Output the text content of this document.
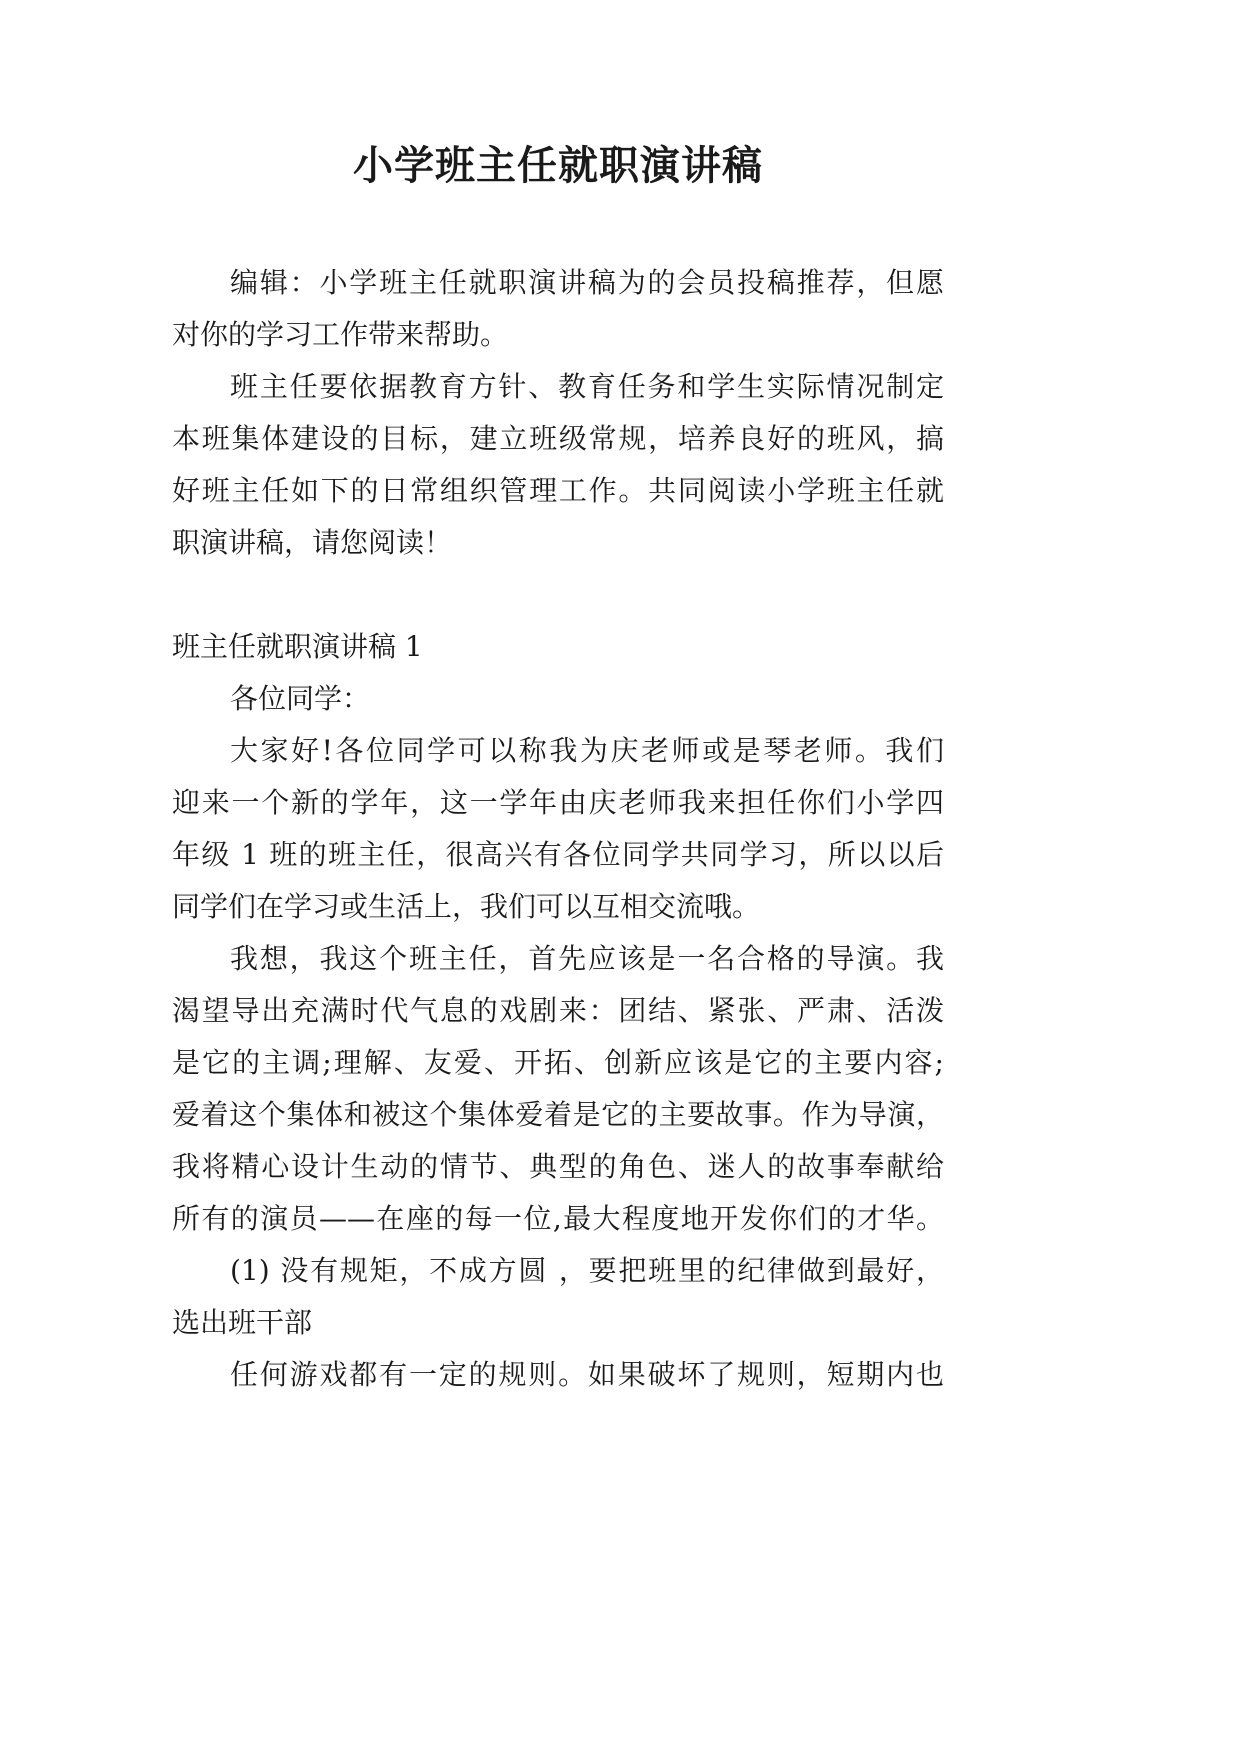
小学班主任就职演讲稿
编辑：小学班主任就职演讲稿为的会员投稿推荐，但愿
对你的学习工作带来帮助。
班主任要依据教育方针、教育任务和学生实际情况制定
本班集体建设的目标，建立班级常规，培养良好的班风，搞
好班主任如下的日常组织管理工作。共同阅读小学班主任就
职演讲稿，请您阅读！
班主任就职演讲稿 1
各位同学：
大家好!各位同学可以称我为庆老师或是琴老师。我们
迎来一个新的学年，这一学年由庆老师我来担任你们小学四
年级 1 班的班主任，很高兴有各位同学共同学习，所以以后
同学们在学习或生活上，我们可以互相交流哦。
我想，我这个班主任，首先应该是一名合格的导演。我
渴望导出充满时代气息的戏剧来：团结、紧张、严肃、活泼
是它的主调;理解、友爱、开拓、创新应该是它的主要内容;
爱着这个集体和被这个集体爱着是它的主要故事。作为导演，
我将精心设计生动的情节、典型的角色、迷人的故事奉献给
所有的演员——在座的每一位,最大程度地开发你们的才华。
(1) 没有规矩，不成方圆 ，要把班里的纪律做到最好，
选出班干部
任何游戏都有一定的规则。如果破坏了规则，短期内也
